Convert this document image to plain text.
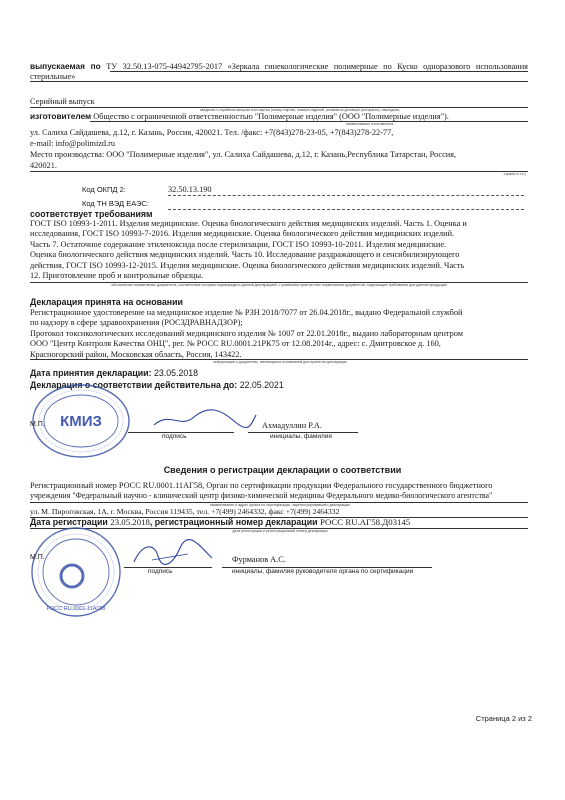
выпускаемая по ТУ 32.50.13-075-44942795-2017 «Зеркала гинекологические полимерные по Куско одноразового использования стерильные»
Серийный выпуск
сведения о серийном выпуске или партии (номер партии, номера изделий, реквизиты договора (контракта), накладная,
изготовителем Общество с ограниченной ответственностью "Полимерные изделия" (ООО "Полимерные изделия").
наименование изготовителя,
ул. Салиха Сайдашева, д.12, г. Казань, Россия, 420021. Тел. /факс: +7(843)278-23-05, +7(843)278-22-77,
e-mail: info@polimizd.ru
Место производства: ООО "Полимерные изделия", ул. Салиха Сайдашева, д.12, г. Казань,Республика Татарстан, Россия,
420021.
страны и т.п.)
Код ОКПД 2:	32.50.13.190
Код ТН ВЭД ЕАЭС:
соответствует требованиям
ГОСТ ISO 10993-1-2011. Изделия медицинские. Оценка биологического действия медицинских изделий. Часть 1. Оценка и
исследования, ГОСТ ISO 10993-7-2016. Изделия медицинские. Оценка биологического действия медицинских изделий.
Часть 7. Остаточное содержание этиленоксида после стерилизации, ГОСТ ISO 10993-10-2011. Изделия медицинские.
Оценка биологического действия медицинских изделий. Часть 10. Исследование раздражающего и сенсибилизирующего
действия, ГОСТ ISO 10993-12-2015. Изделия медицинские. Оценка биологического действия медицинских изделий. Часть
12. Приготовление проб и контрольные образцы.
обозначение нормативных документов, соответствие которым подтверждено данной декларацией, с указанием пунктов этих нормативных документов, содержащих требования для данной продукции
Декларация принята на основании
Регистрационное удостоверение на медицинское изделие № РЗН 2018/7077 от 26.04.2018г., выдано Федеральной службой
по надзору в сфере здравоохранения (РОСЗДРАВНАДЗОР);
Протокол токсикологических исследований медицинского изделия № 1007 от 22.01.2018г., выдано лабораторным центром
ООО "Центр Контроля Качества ОНЦ", рег. № РОСС RU.0001.21РК75 от 12.08.2014г., адрес: с. Дмитровское д. 160,
Красногорский район, Московская область, Россия, 143422.
информация о документах, являющихся основанием для принятия декларации
Дата принятия декларации: 23.05.2018
Декларация о соответствии действительна до: 22.05.2021
КМИЗ
М.П.
подпись
Ахмадуллин Р.А.
инициалы, фамилия
Сведения о регистрации декларации о соответствии
Регистрационный номер РОСС RU.0001.11АГ58, Орган по сертификации продукции Федерального государственного бюджетного
учреждения "Федеральный научно - клинический центр физико-химической медицины Федерального медико-биологического агентства"
наименование и адрес органа по сертификации, зарегистрировавшего декларацию
ул. М. Пироговская, 1А, г. Москва, Россия 119435, тел. +7(499) 2464332, факс +7(499) 2464332
Дата регистрации 23.05.2018, регистрационный номер декларации РОСС RU.АГ58.Д03145
дата регистрации и регистрационный номер декларации
РОСС RU.0001.11АГ58
М.П.
подпись
Фурманов А.С.
инициалы, фамилия руководителя органа по сертификации
Страница 2 из 2
